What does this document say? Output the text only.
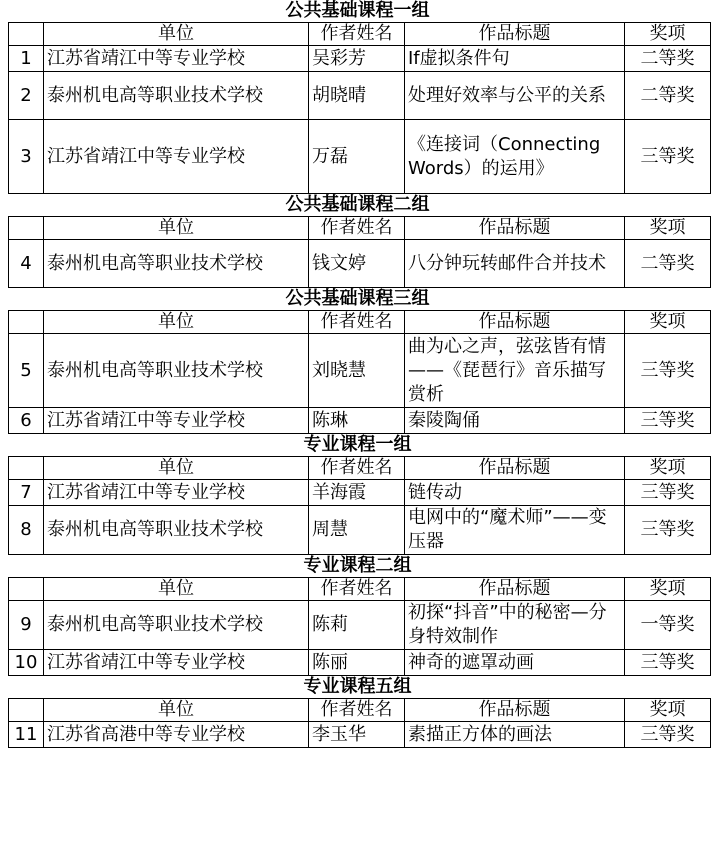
公共基础课程一组
	单位	作者姓名	作品标题	奖项
1	江苏省靖江中等专业学校	吴彩芳	If虚拟条件句	二等奖
2	泰州机电高等职业技术学校	胡晓晴	处理好效率与公平的关系	二等奖
3	江苏省靖江中等专业学校	万磊	《连接词（Connecting Words）的运用》	三等奖
公共基础课程二组
	单位	作者姓名	作品标题	奖项
4	泰州机电高等职业技术学校	钱文婷	八分钟玩转邮件合并技术	二等奖
公共基础课程三组
	单位	作者姓名	作品标题	奖项
5	泰州机电高等职业技术学校	刘晓慧	曲为心之声，弦弦皆有情——《琵琶行》音乐描写赏析	三等奖
6	江苏省靖江中等专业学校	陈琳	秦陵陶俑	三等奖
专业课程一组
	单位	作者姓名	作品标题	奖项
7	江苏省靖江中等专业学校	羊海霞	链传动	三等奖
8	泰州机电高等职业技术学校	周慧	电网中的“魔术师”——变压器	三等奖
专业课程二组
	单位	作者姓名	作品标题	奖项
9	泰州机电高等职业技术学校	陈莉	初探“抖音”中的秘密—分身特效制作	一等奖
10	江苏省靖江中等专业学校	陈丽	神奇的遮罩动画	三等奖
专业课程五组
	单位	作者姓名	作品标题	奖项
11	江苏省高港中等专业学校	李玉华	素描正方体的画法	三等奖
